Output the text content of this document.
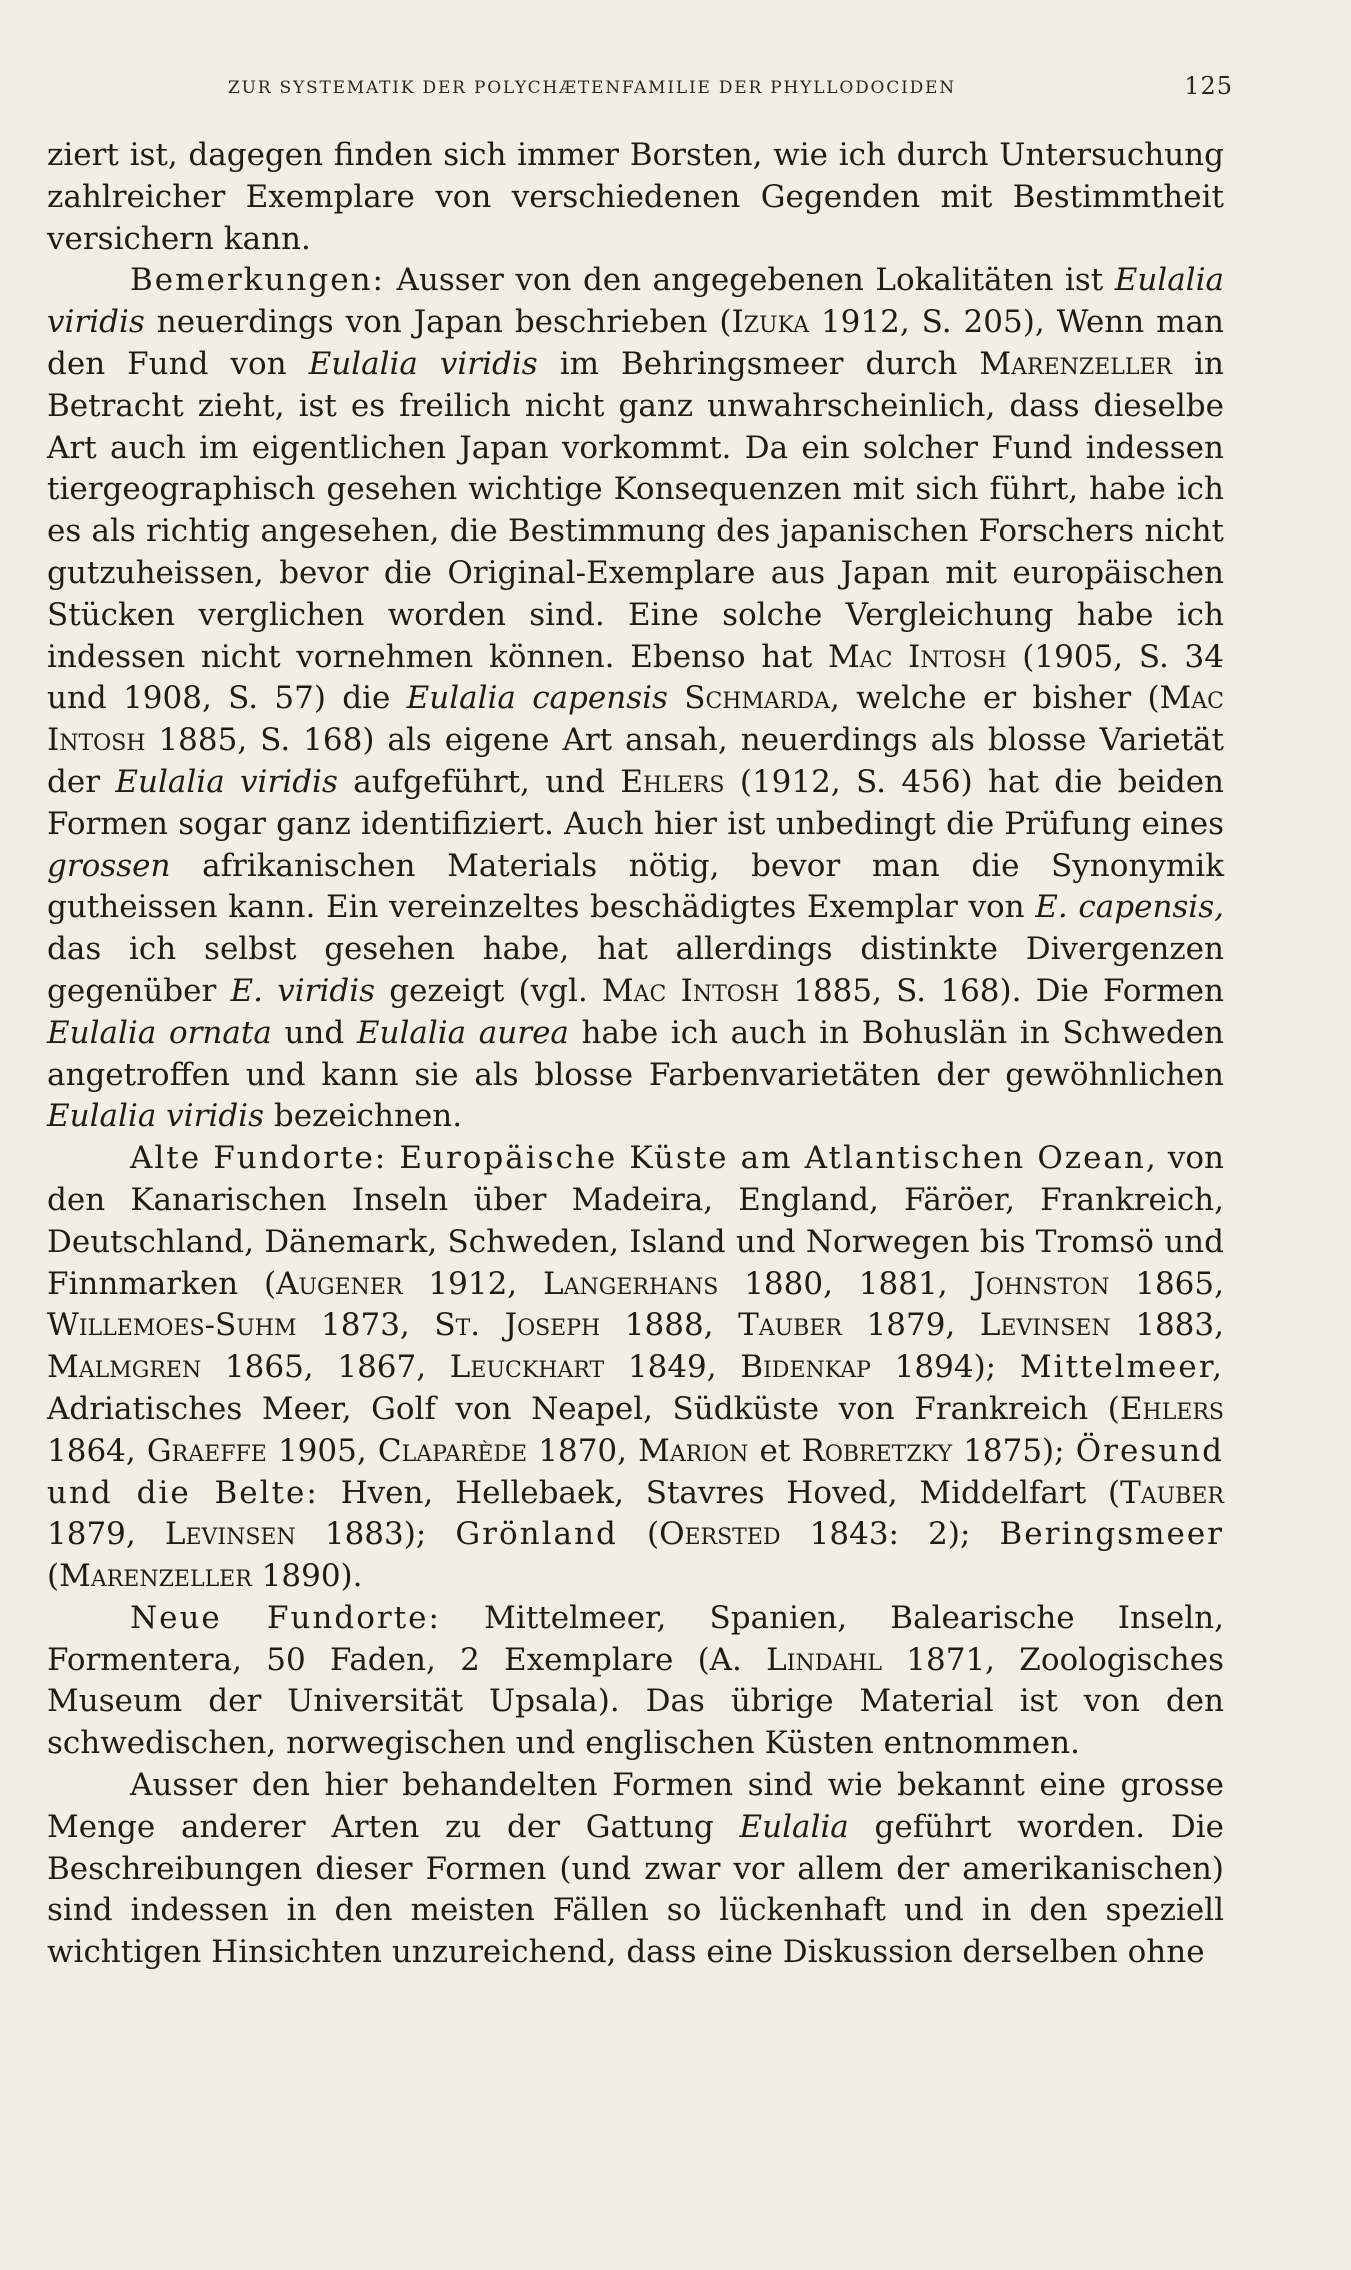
ZUR SYSTEMATIK DER POLYCHÆTENFAMILIE DER PHYLLODOCIDEN	125

ziert ist, dagegen finden sich immer Borsten, wie ich durch Untersuchung zahlreicher Exemplare von verschiedenen Gegenden mit Bestimmtheit versichern kann.

Bemerkungen: Ausser von den angegebenen Lokalitäten ist Eulalia viridis neuerdings von Japan beschrieben (Izuka 1912, S. 205), Wenn man den Fund von Eulalia viridis im Behringsmeer durch Marenzeller in Betracht zieht, ist es freilich nicht ganz unwahrscheinlich, dass dieselbe Art auch im eigentlichen Japan vorkommt. Da ein solcher Fund indessen tiergeographisch gesehen wichtige Konsequenzen mit sich führt, habe ich es als richtig angesehen, die Bestimmung des japanischen Forschers nicht gutzuheissen, bevor die Original-Exemplare aus Japan mit europäischen Stücken verglichen worden sind. Eine solche Vergleichung habe ich indessen nicht vornehmen können. Ebenso hat Mac Intosh (1905, S. 34 und 1908, S. 57) die Eulalia capensis Schmarda, welche er bisher (Mac Intosh 1885, S. 168) als eigene Art ansah, neuerdings als blosse Varietät der Eulalia viridis aufgeführt, und Ehlers (1912, S. 456) hat die beiden Formen sogar ganz identifiziert. Auch hier ist unbedingt die Prüfung eines grossen afrikanischen Materials nötig, bevor man die Synonymik gutheissen kann. Ein vereinzeltes beschädigtes Exemplar von E. capensis, das ich selbst gesehen habe, hat allerdings distinkte Divergenzen gegenüber E. viridis gezeigt (vgl. Mac Intosh 1885, S. 168). Die Formen Eulalia ornata und Eulalia aurea habe ich auch in Bohuslän in Schweden angetroffen und kann sie als blosse Farbenvarietäten der gewöhnlichen Eulalia viridis bezeichnen.

Alte Fundorte: Europäische Küste am Atlantischen Ozean, von den Kanarischen Inseln über Madeira, England, Färöer, Frankreich, Deutschland, Dänemark, Schweden, Island und Norwegen bis Tromsö und Finnmarken (Augener 1912, Langerhans 1880, 1881, Johnston 1865, Willemoes-Suhm 1873, St. Joseph 1888, Tauber 1879, Levinsen 1883, Malmgren 1865, 1867, Leuckhart 1849, Bidenkap 1894); Mittelmeer, Adriatisches Meer, Golf von Neapel, Südküste von Frankreich (Ehlers 1864, Graeffe 1905, Claparède 1870, Marion et Robretzky 1875); Öresund und die Belte: Hven, Hellebaek, Stavres Hoved, Middelfart (Tauber 1879, Levinsen 1883); Grönland (Oersted 1843: 2); Beringsmeer (Marenzeller 1890).

Neue Fundorte: Mittelmeer, Spanien, Balearische Inseln, Formentera, 50 Faden, 2 Exemplare (A. Lindahl 1871, Zoologisches Museum der Universität Upsala). Das übrige Material ist von den schwedischen, norwegischen und englischen Küsten entnommen.

Ausser den hier behandelten Formen sind wie bekannt eine grosse Menge anderer Arten zu der Gattung Eulalia geführt worden. Die Beschreibungen dieser Formen (und zwar vor allem der amerikanischen) sind indessen in den meisten Fällen so lückenhaft und in den speziell wichtigen Hinsichten unzureichend, dass eine Diskussion derselben ohne
